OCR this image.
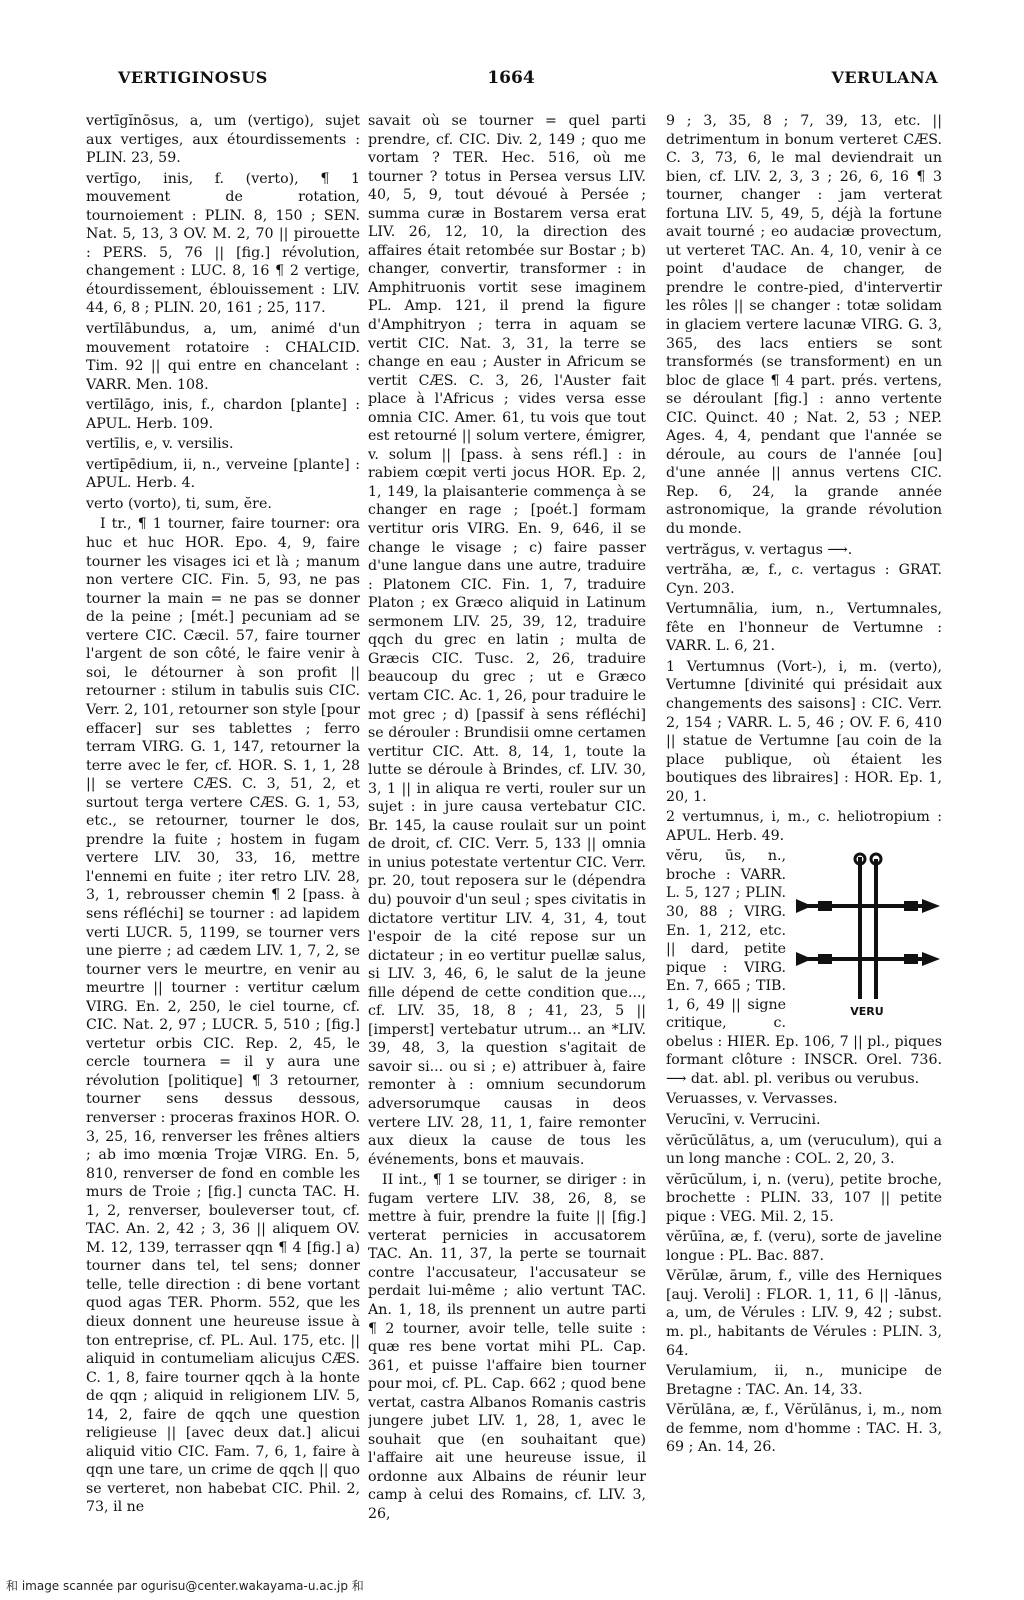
VERTIGINOSUS	1664	VERULANA

vertīgĭnōsus, a, um (vertigo), sujet aux vertiges, aux étourdissements : PLIN. 23, 59.

vertīgo, inis, f. (verto), ¶ 1 mouvement de rotation, tournoiement : PLIN. 8, 150 ; SEN. Nat. 5, 13, 3 OV. M. 2, 70 || pirouette : PERS. 5, 76 || [fig.] révolution, changement : LUC. 8, 16 ¶ 2 vertige, étourdissement, éblouissement : LIV. 44, 6, 8 ; PLIN. 20, 161 ; 25, 117.

vertīlābundus, a, um, animé d'un mouvement rotatoire : CHALCID. Tim. 92 || qui entre en chancelant : VARR. Men. 108.

vertīlāgo, inis, f., chardon [plante] : APUL. Herb. 109.

vertīlis, e, v. versilis.

vertīpēdium, ii, n., verveine [plante] : APUL. Herb. 4.

verto (vorto), ti, sum, ĕre.

I tr., ¶ 1 tourner, faire tourner: ora huc et huc HOR. Epo. 4, 9, faire tourner les visages ici et là ; manum non vertere CIC. Fin. 5, 93, ne pas tourner la main = ne pas se donner de la peine ; [mét.] pecuniam ad se vertere CIC. Cæcil. 57, faire tourner l'argent de son côté, le faire venir à soi, le détourner à son profit || retourner : stilum in tabulis suis CIC. Verr. 2, 101, retourner son style [pour effacer] sur ses tablettes ; ferro terram VIRG. G. 1, 147, retourner la terre avec le fer, cf. HOR. S. 1, 1, 28 || se vertere CÆS. C. 3, 51, 2, et surtout terga vertere CÆS. G. 1, 53, etc., se retourner, tourner le dos, prendre la fuite ; hostem in fugam vertere LIV. 30, 33, 16, mettre l'ennemi en fuite ; iter retro LIV. 28, 3, 1, rebrousser chemin ¶ 2 [pass. à sens réfléchi] se tourner : ad lapidem verti LUCR. 5, 1199, se tourner vers une pierre ; ad cædem LIV. 1, 7, 2, se tourner vers le meurtre, en venir au meurtre || tourner : vertitur cælum VIRG. En. 2, 250, le ciel tourne, cf. CIC. Nat. 2, 97 ; LUCR. 5, 510 ; [fig.] vertetur orbis CIC. Rep. 2, 45, le cercle tournera = il y aura une révolution [politique] ¶ 3 retourner, tourner sens dessus dessous, renverser : proceras fraxinos HOR. O. 3, 25, 16, renverser les frênes altiers ; ab imo mœnia Trojæ VIRG. En. 5, 810, renverser de fond en comble les murs de Troie ; [fig.] cuncta TAC. H. 1, 2, renverser, bouleverser tout, cf. TAC. An. 2, 42 ; 3, 36 || aliquem OV. M. 12, 139, terrasser qqn ¶ 4 [fig.] a) tourner dans tel, tel sens; donner telle, telle direction : di bene vortant quod agas TER. Phorm. 552, que les dieux donnent une heureuse issue à ton entreprise, cf. PL. Aul. 175, etc. || aliquid in contumeliam alicujus CÆS. C. 1, 8, faire tourner qqch à la honte de qqn ; aliquid in religionem LIV. 5, 14, 2, faire de qqch une question religieuse || [avec deux dat.] alicui aliquid vitio CIC. Fam. 7, 6, 1, faire à qqn une tare, un crime de qqch || quo se verteret, non habebat CIC. Phil. 2, 73, il ne

savait où se tourner = quel parti prendre, cf. CIC. Div. 2, 149 ; quo me vortam ? TER. Hec. 516, où me tourner ? totus in Persea versus LIV. 40, 5, 9, tout dévoué à Persée ; summa curæ in Bostarem versa erat LIV. 26, 12, 10, la direction des affaires était retombée sur Bostar ; b) changer, convertir, transformer : in Amphitruonis vortit sese imaginem PL. Amp. 121, il prend la figure d'Amphitryon ; terra in aquam se vertit CIC. Nat. 3, 31, la terre se change en eau ; Auster in Africum se vertit CÆS. C. 3, 26, l'Auster fait place à l'Africus ; vides versa esse omnia CIC. Amer. 61, tu vois que tout est retourné || solum vertere, émigrer, v. solum || [pass. à sens réfl.] : in rabiem cœpit verti jocus HOR. Ep. 2, 1, 149, la plaisanterie commença à se changer en rage ; [poét.] formam vertitur oris VIRG. En. 9, 646, il se change le visage ; c) faire passer d'une langue dans une autre, traduire : Platonem CIC. Fin. 1, 7, traduire Platon ; ex Græco aliquid in Latinum sermonem LIV. 25, 39, 12, traduire qqch du grec en latin ; multa de Græcis CIC. Tusc. 2, 26, traduire beaucoup du grec ; ut e Græco vertam CIC. Ac. 1, 26, pour traduire le mot grec ; d) [passif à sens réfléchi] se dérouler : Brundisii omne certamen vertitur CIC. Att. 8, 14, 1, toute la lutte se déroule à Brindes, cf. LIV. 30, 3, 1 || in aliqua re verti, rouler sur un sujet : in jure causa vertebatur CIC. Br. 145, la cause roulait sur un point de droit, cf. CIC. Verr. 5, 133 || omnia in unius potestate vertentur CIC. Verr. pr. 20, tout reposera sur le (dépendra du) pouvoir d'un seul ; spes civitatis in dictatore vertitur LIV. 4, 31, 4, tout l'espoir de la cité repose sur un dictateur ; in eo vertitur puellæ salus, si LIV. 3, 46, 6, le salut de la jeune fille dépend de cette condition que..., cf. LIV. 35, 18, 8 ; 41, 23, 5 || [imperst] vertebatur utrum... an *LIV. 39, 48, 3, la question s'agitait de savoir si... ou si ; e) attribuer à, faire remonter à : omnium secundorum adversorumque causas in deos vertere LIV. 28, 11, 1, faire remonter aux dieux la cause de tous les événements, bons et mauvais.

II int., ¶ 1 se tourner, se diriger : in fugam vertere LIV. 38, 26, 8, se mettre à fuir, prendre la fuite || [fig.] verterat pernicies in accusatorem TAC. An. 11, 37, la perte se tournait contre l'accusateur, l'accusateur se perdait lui-même ; alio vertunt TAC. An. 1, 18, ils prennent un autre parti ¶ 2 tourner, avoir telle, telle suite : quæ res bene vortat mihi PL. Cap. 361, et puisse l'affaire bien tourner pour moi, cf. PL. Cap. 662 ; quod bene vertat, castra Albanos Romanis castris jungere jubet LIV. 1, 28, 1, avec le souhait que (en souhaitant que) l'affaire ait une heureuse issue, il ordonne aux Albains de réunir leur camp à celui des Romains, cf. LIV. 3, 26,

9 ; 3, 35, 8 ; 7, 39, 13, etc. || detrimentum in bonum verteret CÆS. C. 3, 73, 6, le mal deviendrait un bien, cf. LIV. 2, 3, 3 ; 26, 6, 16 ¶ 3 tourner, changer : jam verterat fortuna LIV. 5, 49, 5, déjà la fortune avait tourné ; eo audaciæ provectum, ut verteret TAC. An. 4, 10, venir à ce point d'audace de changer, de prendre le contre-pied, d'intervertir les rôles || se changer : totæ solidam in glaciem vertere lacunæ VIRG. G. 3, 365, des lacs entiers se sont transformés (se transforment) en un bloc de glace ¶ 4 part. prés. vertens, se déroulant [fig.] : anno vertente CIC. Quinct. 40 ; Nat. 2, 53 ; NEP. Ages. 4, 4, pendant que l'année se déroule, au cours de l'année [ou] d'une année || annus vertens CIC. Rep. 6, 24, la grande année astronomique, la grande révolution du monde.

vertrăgus, v. vertagus ⟶.

vertrăha, æ, f., c. vertagus : GRAT. Cyn. 203.

Vertumnālia, ium, n., Vertumnales, fête en l'honneur de Vertumne : VARR. L. 6, 21.

1 Vertumnus (Vort-), i, m. (verto), Vertumne [divinité qui présidait aux changements des saisons] : CIC. Verr. 2, 154 ; VARR. L. 5, 46 ; OV. F. 6, 410 || statue de Vertumne [au coin de la place publique, où étaient les boutiques des libraires] : HOR. Ep. 1, 20, 1.

2 vertumnus, i, m., c. heliotropium : APUL. Herb. 49.

VERU

vĕru, ūs, n., broche : VARR. L. 5, 127 ; PLIN. 30, 88 ; VIRG. En. 1, 212, etc. || dard, petite pique : VIRG. En. 7, 665 ; TIB. 1, 6, 49 || signe critique, c. obelus : HIER. Ep. 106, 7 || pl., piques formant clôture : INSCR. Orel. 736. ⟶ dat. abl. pl. veribus ou verubus.

Veruasses, v. Vervasses.

Verucīni, v. Verrucini.

vĕrūcŭlātus, a, um (veruculum), qui a un long manche : COL. 2, 20, 3.

vĕrūcŭlum, i, n. (veru), petite broche, brochette : PLIN. 33, 107 || petite pique : VEG. Mil. 2, 15.

vĕrūīna, æ, f. (veru), sorte de javeline longue : PL. Bac. 887.

Vĕrŭlæ, ārum, f., ville des Herniques [auj. Veroli] : FLOR. 1, 11, 6 || -lānus, a, um, de Vérules : LIV. 9, 42 ; subst. m. pl., habitants de Vérules : PLIN. 3, 64.

Verulamium, ii, n., municipe de Bretagne : TAC. An. 14, 33.

Vĕrŭlāna, æ, f., Vĕrŭlānus, i, m., nom de femme, nom d'homme : TAC. H. 3, 69 ; An. 14, 26.

和 image scannée par ogurisu@center.wakayama-u.ac.jp 和
